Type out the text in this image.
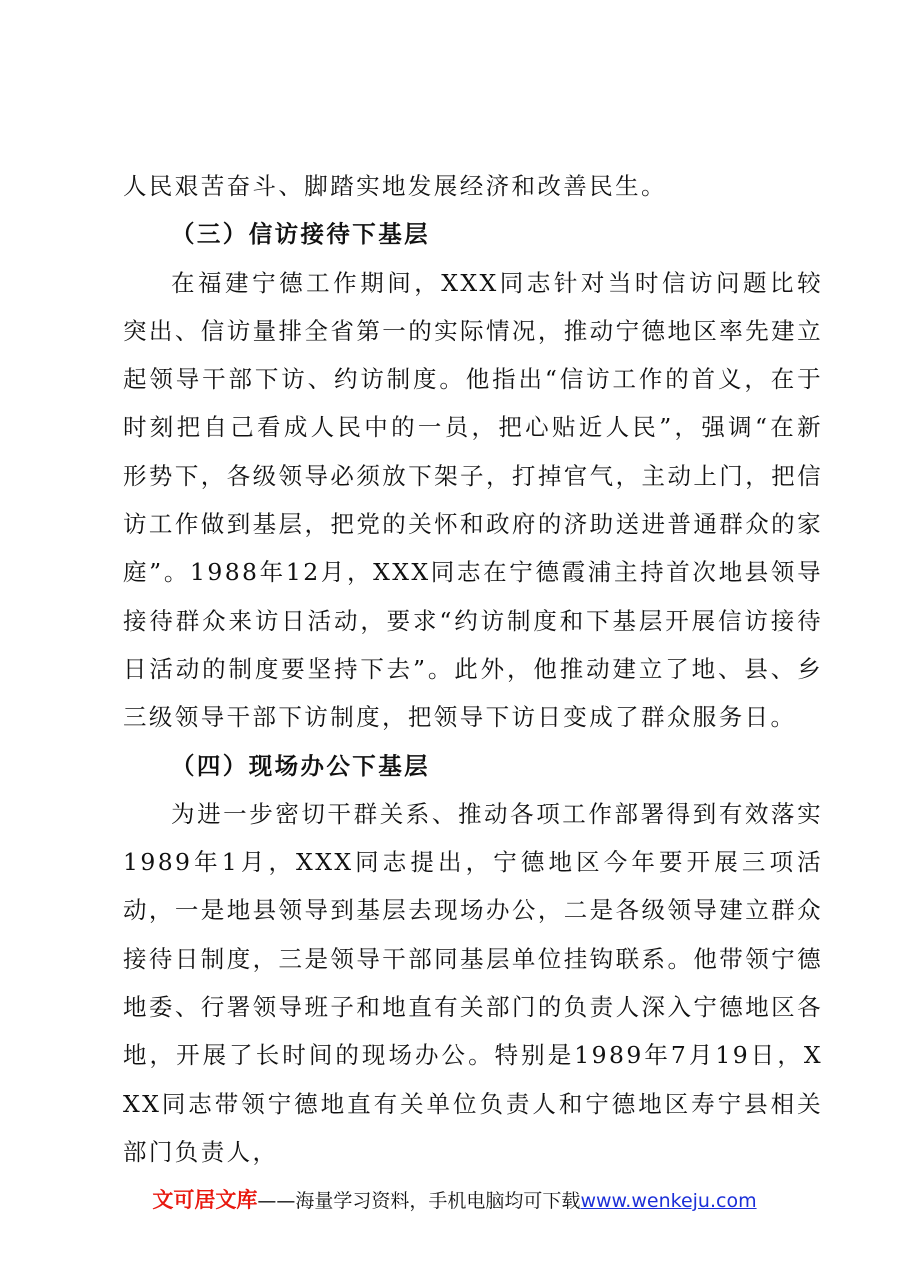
人民艰苦奋斗、脚踏实地发展经济和改善民生。

（三）信访接待下基层

在福建宁德工作期间，XXX同志针对当时信访问题比较突出、信访量排全省第一的实际情况，推动宁德地区率先建立起领导干部下访、约访制度。他指出“信访工作的首义，在于时刻把自己看成人民中的一员，把心贴近人民”，强调“在新形势下，各级领导必须放下架子，打掉官气，主动上门，把信访工作做到基层，把党的关怀和政府的济助送进普通群众的家庭”。1988年12月，XXX同志在宁德霞浦主持首次地县领导接待群众来访日活动，要求“约访制度和下基层开展信访接待日活动的制度要坚持下去”。此外，他推动建立了地、县、乡三级领导干部下访制度，把领导下访日变成了群众服务日。

（四）现场办公下基层

为进一步密切干群关系、推动各项工作部署得到有效落实1989年1月，XXX同志提出，宁德地区今年要开展三项活动，一是地县领导到基层去现场办公，二是各级领导建立群众接待日制度，三是领导干部同基层单位挂钩联系。他带领宁德地委、行署领导班子和地直有关部门的负责人深入宁德地区各地，开展了长时间的现场办公。特别是1989年7月19日，XXX同志带领宁德地直有关单位负责人和宁德地区寿宁县相关部门负责人，

文可居文库——海量学习资料，手机电脑均可下载www.wenkeju.com
